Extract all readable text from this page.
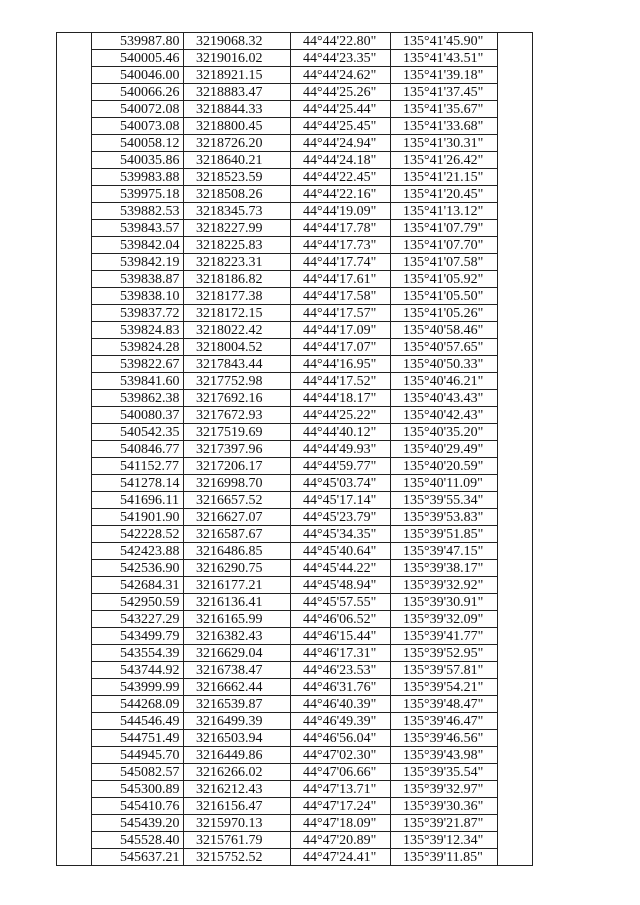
	539987.80	3219068.32	44°44'22.80"	135°41'45.90"	
	540005.46	3219016.02	44°44'23.35"	135°41'43.51"	
	540046.00	3218921.15	44°44'24.62"	135°41'39.18"	
	540066.26	3218883.47	44°44'25.26"	135°41'37.45"	
	540072.08	3218844.33	44°44'25.44"	135°41'35.67"	
	540073.08	3218800.45	44°44'25.45"	135°41'33.68"	
	540058.12	3218726.20	44°44'24.94"	135°41'30.31"	
	540035.86	3218640.21	44°44'24.18"	135°41'26.42"	
	539983.88	3218523.59	44°44'22.45"	135°41'21.15"	
	539975.18	3218508.26	44°44'22.16"	135°41'20.45"	
	539882.53	3218345.73	44°44'19.09"	135°41'13.12"	
	539843.57	3218227.99	44°44'17.78"	135°41'07.79"	
	539842.04	3218225.83	44°44'17.73"	135°41'07.70"	
	539842.19	3218223.31	44°44'17.74"	135°41'07.58"	
	539838.87	3218186.82	44°44'17.61"	135°41'05.92"	
	539838.10	3218177.38	44°44'17.58"	135°41'05.50"	
	539837.72	3218172.15	44°44'17.57"	135°41'05.26"	
	539824.83	3218022.42	44°44'17.09"	135°40'58.46"	
	539824.28	3218004.52	44°44'17.07"	135°40'57.65"	
	539822.67	3217843.44	44°44'16.95"	135°40'50.33"	
	539841.60	3217752.98	44°44'17.52"	135°40'46.21"	
	539862.38	3217692.16	44°44'18.17"	135°40'43.43"	
	540080.37	3217672.93	44°44'25.22"	135°40'42.43"	
	540542.35	3217519.69	44°44'40.12"	135°40'35.20"	
	540846.77	3217397.96	44°44'49.93"	135°40'29.49"	
	541152.77	3217206.17	44°44'59.77"	135°40'20.59"	
	541278.14	3216998.70	44°45'03.74"	135°40'11.09"	
	541696.11	3216657.52	44°45'17.14"	135°39'55.34"	
	541901.90	3216627.07	44°45'23.79"	135°39'53.83"	
	542228.52	3216587.67	44°45'34.35"	135°39'51.85"	
	542423.88	3216486.85	44°45'40.64"	135°39'47.15"	
	542536.90	3216290.75	44°45'44.22"	135°39'38.17"	
	542684.31	3216177.21	44°45'48.94"	135°39'32.92"	
	542950.59	3216136.41	44°45'57.55"	135°39'30.91"	
	543227.29	3216165.99	44°46'06.52"	135°39'32.09"	
	543499.79	3216382.43	44°46'15.44"	135°39'41.77"	
	543554.39	3216629.04	44°46'17.31"	135°39'52.95"	
	543744.92	3216738.47	44°46'23.53"	135°39'57.81"	
	543999.99	3216662.44	44°46'31.76"	135°39'54.21"	
	544268.09	3216539.87	44°46'40.39"	135°39'48.47"	
	544546.49	3216499.39	44°46'49.39"	135°39'46.47"	
	544751.49	3216503.94	44°46'56.04"	135°39'46.56"	
	544945.70	3216449.86	44°47'02.30"	135°39'43.98"	
	545082.57	3216266.02	44°47'06.66"	135°39'35.54"	
	545300.89	3216212.43	44°47'13.71"	135°39'32.97"	
	545410.76	3216156.47	44°47'17.24"	135°39'30.36"	
	545439.20	3215970.13	44°47'18.09"	135°39'21.87"	
	545528.40	3215761.79	44°47'20.89"	135°39'12.34"	
	545637.21	3215752.52	44°47'24.41"	135°39'11.85"	
